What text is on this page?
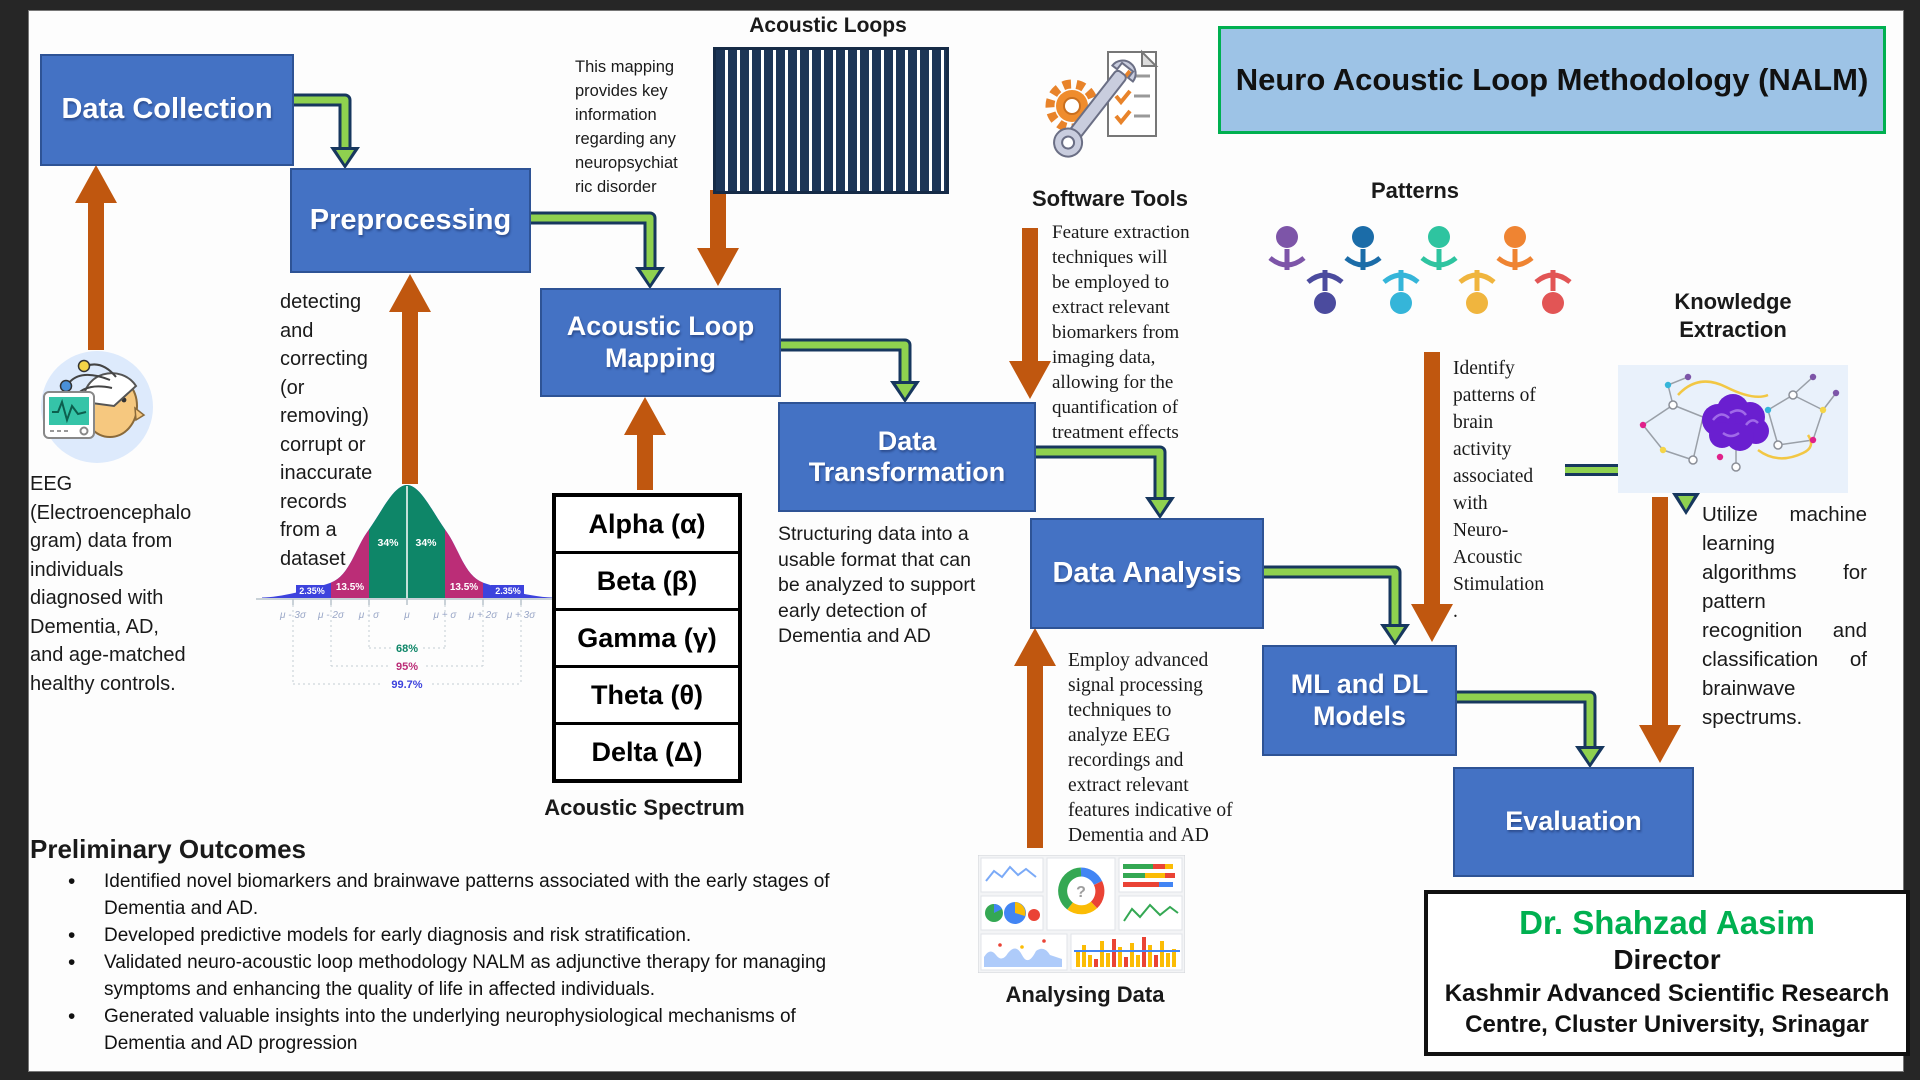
Data Collection
Preprocessing
Acoustic Loop Mapping
Data Transformation
Data Analysis
ML and DL Models
Evaluation
Neuro Acoustic Loop Methodology (NALM)
Acoustic Loops
This mapping
provides key
information
regarding any
neuropsychiat
ric disorder
detecting and correcting (or removing) corrupt or inaccurate records from a dataset
Software Tools
Feature extraction
techniques will
be employed to
extract relevant
biomarkers from
imaging data,
allowing for the
quantification of
treatment effects
Patterns
Identify
patterns of
brain
activity
associated
with
Neuro-
Acoustic
Stimulation
.
Knowledge Extraction
Utilize machine learning algorithms for pattern recognition and classification of brainwave spectrums.
EEG
(Electroencephalo
gram) data from
individuals
diagnosed with
Dementia, AD,
and age-matched
healthy controls.
34% 34%
13.5%	13.5%
2.35%	2.35%
μ - 3σ μ - 2σ μ - σ	μ μ + σ μ + 2σ μ + 3σ
68%
95%
99.7%
Alpha (α)
Beta (β)
Gamma (γ)
Theta (θ)
Delta (Δ)
Acoustic Spectrum
Structuring data into a usable format that can be analyzed to support early detection of Dementia and AD
Employ advanced
signal processing
techniques to
analyze EEG
recordings and
extract relevant
features indicative of
Dementia and AD
?
Analysing Data
Preliminary Outcomes
• Identified novel biomarkers and brainwave patterns associated with the early stages of Dementia and AD.
• Developed predictive models for early diagnosis and risk stratification.
• Validated neuro-acoustic loop methodology NALM as adjunctive therapy for managing symptoms and enhancing the quality of life in affected individuals.
• Generated valuable insights into the underlying neurophysiological mechanisms of Dementia and AD progression
Dr. Shahzad Aasim
Director
Kashmir Advanced Scientific Research Centre, Cluster University, Srinagar
